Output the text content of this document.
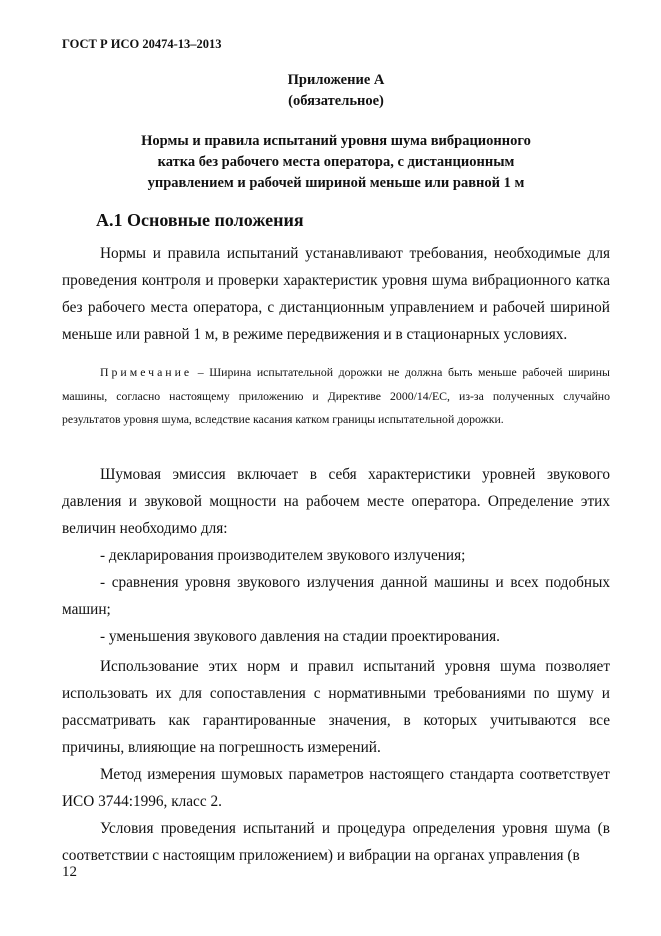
ГОСТ Р ИСО 20474-13–2013
Приложение А
(обязательное)
Нормы и правила испытаний уровня шума вибрационного
катка без рабочего места оператора, с дистанционным
управлением и рабочей шириной меньше или равной 1 м
А.1 Основные положения
Нормы и правила испытаний устанавливают требования, необходимые для проведения контроля и проверки характеристик уровня шума вибрационного катка без рабочего места оператора, с дистанционным управлением и рабочей шириной меньше или равной 1 м, в режиме передвижения и в стационарных условиях.
Примечание – Ширина испытательной дорожки не должна быть меньше рабочей ширины машины, согласно настоящему приложению и Директиве 2000/14/ЕС, из-за полученных случайно результатов уровня шума, вследствие касания катком границы испытательной дорожки.
Шумовая эмиссия включает в себя характеристики уровней звукового давления и звуковой мощности на рабочем месте оператора. Определение этих величин необходимо для:
- декларирования производителем звукового излучения;
- сравнения уровня звукового излучения данной машины и всех подобных машин;
- уменьшения звукового давления на стадии проектирования.
Использование этих норм и правил испытаний уровня шума позволяет использовать их для сопоставления с нормативными требованиями по шуму и рассматривать как гарантированные значения, в которых учитываются все причины, влияющие на погрешность измерений.
Метод измерения шумовых параметров настоящего стандарта соответствует ИСО 3744:1996, класс 2.
Условия проведения испытаний и процедура определения уровня шума (в соответствии с настоящим приложением) и вибрации на органах управления (в
12
